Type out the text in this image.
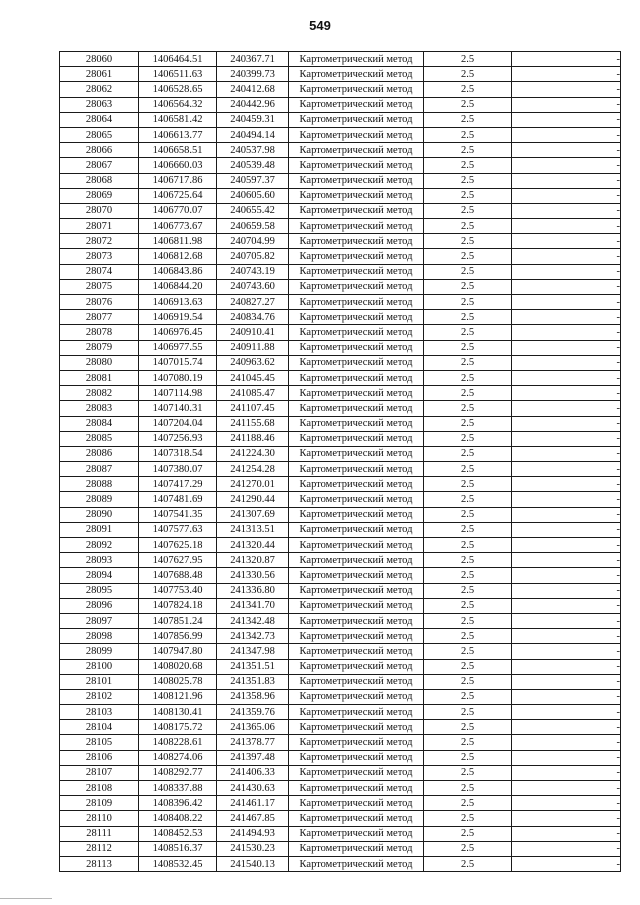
549
28060	1406464.51	240367.71	Картометрический метод	2.5	-
28061	1406511.63	240399.73	Картометрический метод	2.5	-
28062	1406528.65	240412.68	Картометрический метод	2.5	-
28063	1406564.32	240442.96	Картометрический метод	2.5	-
28064	1406581.42	240459.31	Картометрический метод	2.5	-
28065	1406613.77	240494.14	Картометрический метод	2.5	-
28066	1406658.51	240537.98	Картометрический метод	2.5	-
28067	1406660.03	240539.48	Картометрический метод	2.5	-
28068	1406717.86	240597.37	Картометрический метод	2.5	-
28069	1406725.64	240605.60	Картометрический метод	2.5	-
28070	1406770.07	240655.42	Картометрический метод	2.5	-
28071	1406773.67	240659.58	Картометрический метод	2.5	-
28072	1406811.98	240704.99	Картометрический метод	2.5	-
28073	1406812.68	240705.82	Картометрический метод	2.5	-
28074	1406843.86	240743.19	Картометрический метод	2.5	-
28075	1406844.20	240743.60	Картометрический метод	2.5	-
28076	1406913.63	240827.27	Картометрический метод	2.5	-
28077	1406919.54	240834.76	Картометрический метод	2.5	-
28078	1406976.45	240910.41	Картометрический метод	2.5	-
28079	1406977.55	240911.88	Картометрический метод	2.5	-
28080	1407015.74	240963.62	Картометрический метод	2.5	-
28081	1407080.19	241045.45	Картометрический метод	2.5	-
28082	1407114.98	241085.47	Картометрический метод	2.5	-
28083	1407140.31	241107.45	Картометрический метод	2.5	-
28084	1407204.04	241155.68	Картометрический метод	2.5	-
28085	1407256.93	241188.46	Картометрический метод	2.5	-
28086	1407318.54	241224.30	Картометрический метод	2.5	-
28087	1407380.07	241254.28	Картометрический метод	2.5	-
28088	1407417.29	241270.01	Картометрический метод	2.5	-
28089	1407481.69	241290.44	Картометрический метод	2.5	-
28090	1407541.35	241307.69	Картометрический метод	2.5	-
28091	1407577.63	241313.51	Картометрический метод	2.5	-
28092	1407625.18	241320.44	Картометрический метод	2.5	-
28093	1407627.95	241320.87	Картометрический метод	2.5	-
28094	1407688.48	241330.56	Картометрический метод	2.5	-
28095	1407753.40	241336.80	Картометрический метод	2.5	-
28096	1407824.18	241341.70	Картометрический метод	2.5	-
28097	1407851.24	241342.48	Картометрический метод	2.5	-
28098	1407856.99	241342.73	Картометрический метод	2.5	-
28099	1407947.80	241347.98	Картометрический метод	2.5	-
28100	1408020.68	241351.51	Картометрический метод	2.5	-
28101	1408025.78	241351.83	Картометрический метод	2.5	-
28102	1408121.96	241358.96	Картометрический метод	2.5	-
28103	1408130.41	241359.76	Картометрический метод	2.5	-
28104	1408175.72	241365.06	Картометрический метод	2.5	-
28105	1408228.61	241378.77	Картометрический метод	2.5	-
28106	1408274.06	241397.48	Картометрический метод	2.5	-
28107	1408292.77	241406.33	Картометрический метод	2.5	-
28108	1408337.88	241430.63	Картометрический метод	2.5	-
28109	1408396.42	241461.17	Картометрический метод	2.5	-
28110	1408408.22	241467.85	Картометрический метод	2.5	-
28111	1408452.53	241494.93	Картометрический метод	2.5	-
28112	1408516.37	241530.23	Картометрический метод	2.5	-
28113	1408532.45	241540.13	Картометрический метод	2.5	-
